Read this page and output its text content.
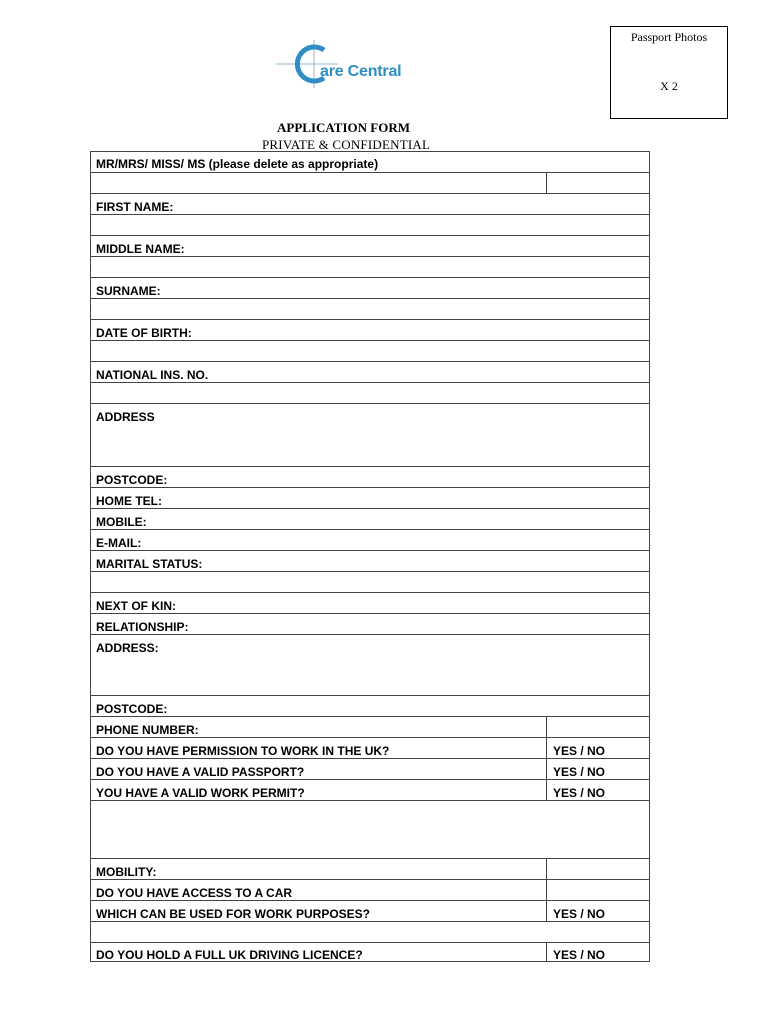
Passport Photos
X 2
are Central
APPLICATION FORM
PRIVATE & CONFIDENTIAL
MR/MRS/ MISS/ MS (please delete as appropriate)
FIRST NAME:
MIDDLE NAME:
SURNAME:
DATE OF BIRTH:
NATIONAL INS. NO.
ADDRESS
POSTCODE:
HOME TEL:
MOBILE:
E-MAIL:
MARITAL STATUS:
NEXT OF KIN:
RELATIONSHIP:
ADDRESS:
POSTCODE:
PHONE NUMBER:
DO YOU HAVE PERMISSION TO WORK IN THE UK?
DO YOU HAVE A VALID PASSPORT?
YOU HAVE A VALID WORK PERMIT?
MOBILITY:
DO YOU HAVE ACCESS TO A CAR
WHICH CAN BE USED FOR WORK PURPOSES?
DO YOU HOLD A FULL UK DRIVING LICENCE?
YES / NO
YES / NO
YES / NO
YES / NO
YES / NO
